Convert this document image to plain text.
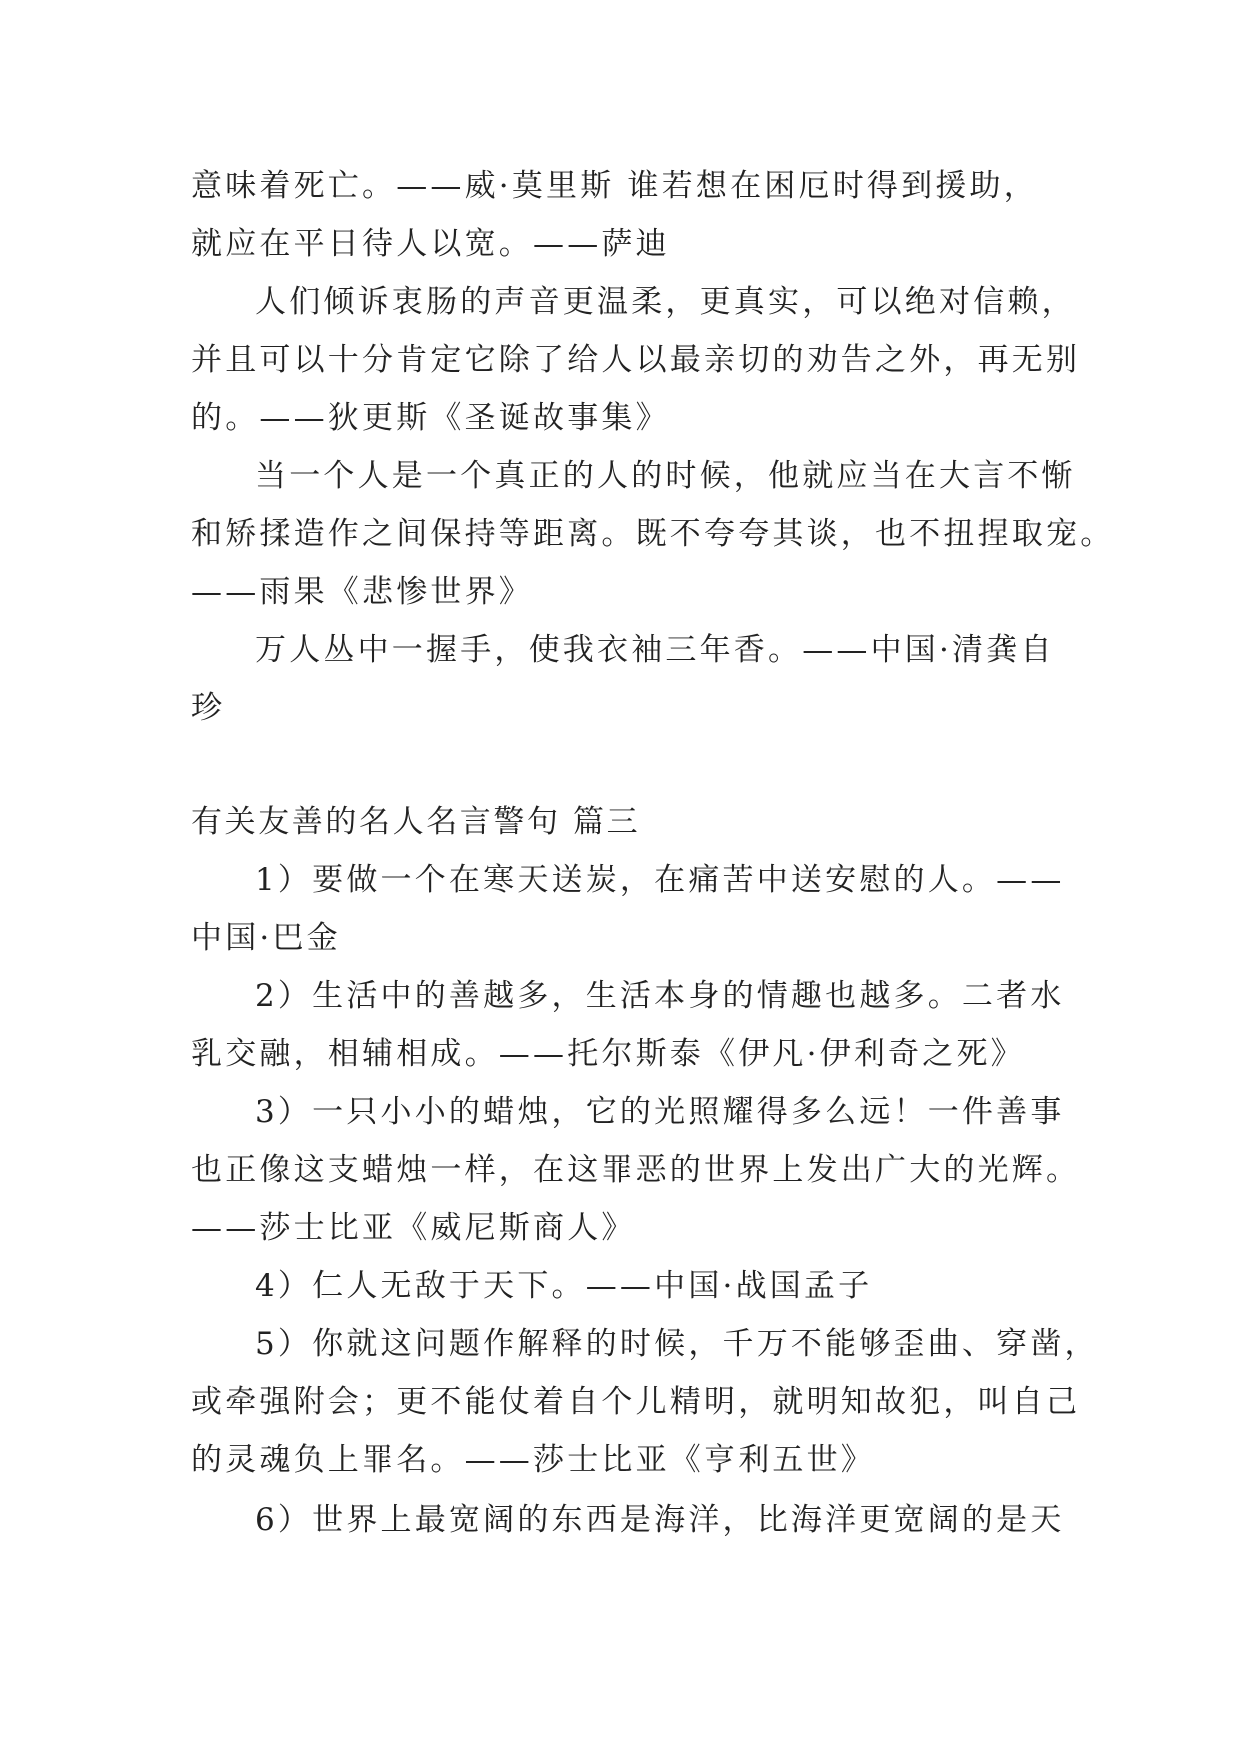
意味着死亡。——威·莫里斯 谁若想在困厄时得到援助，
就应在平日待人以宽。——萨迪
人们倾诉衷肠的声音更温柔，更真实，可以绝对信赖，
并且可以十分肯定它除了给人以最亲切的劝告之外，再无别
的。——狄更斯《圣诞故事集》
当一个人是一个真正的人的时候，他就应当在大言不惭
和矫揉造作之间保持等距离。既不夸夸其谈，也不扭捏取宠。
——雨果《悲惨世界》
万人丛中一握手，使我衣袖三年香。——中国·清龚自
珍
有关友善的名人名言警句 篇三
1）要做一个在寒天送炭，在痛苦中送安慰的人。——
中国·巴金
2）生活中的善越多，生活本身的情趣也越多。二者水
乳交融，相辅相成。——托尔斯泰《伊凡·伊利奇之死》
3）一只小小的蜡烛，它的光照耀得多么远！一件善事
也正像这支蜡烛一样，在这罪恶的世界上发出广大的光辉。
——莎士比亚《威尼斯商人》
4）仁人无敌于天下。——中国·战国孟子
5）你就这问题作解释的时候，千万不能够歪曲、穿凿，
或牵强附会；更不能仗着自个儿精明，就明知故犯，叫自己
的灵魂负上罪名。——莎士比亚《亨利五世》
6）世界上最宽阔的东西是海洋，比海洋更宽阔的是天
